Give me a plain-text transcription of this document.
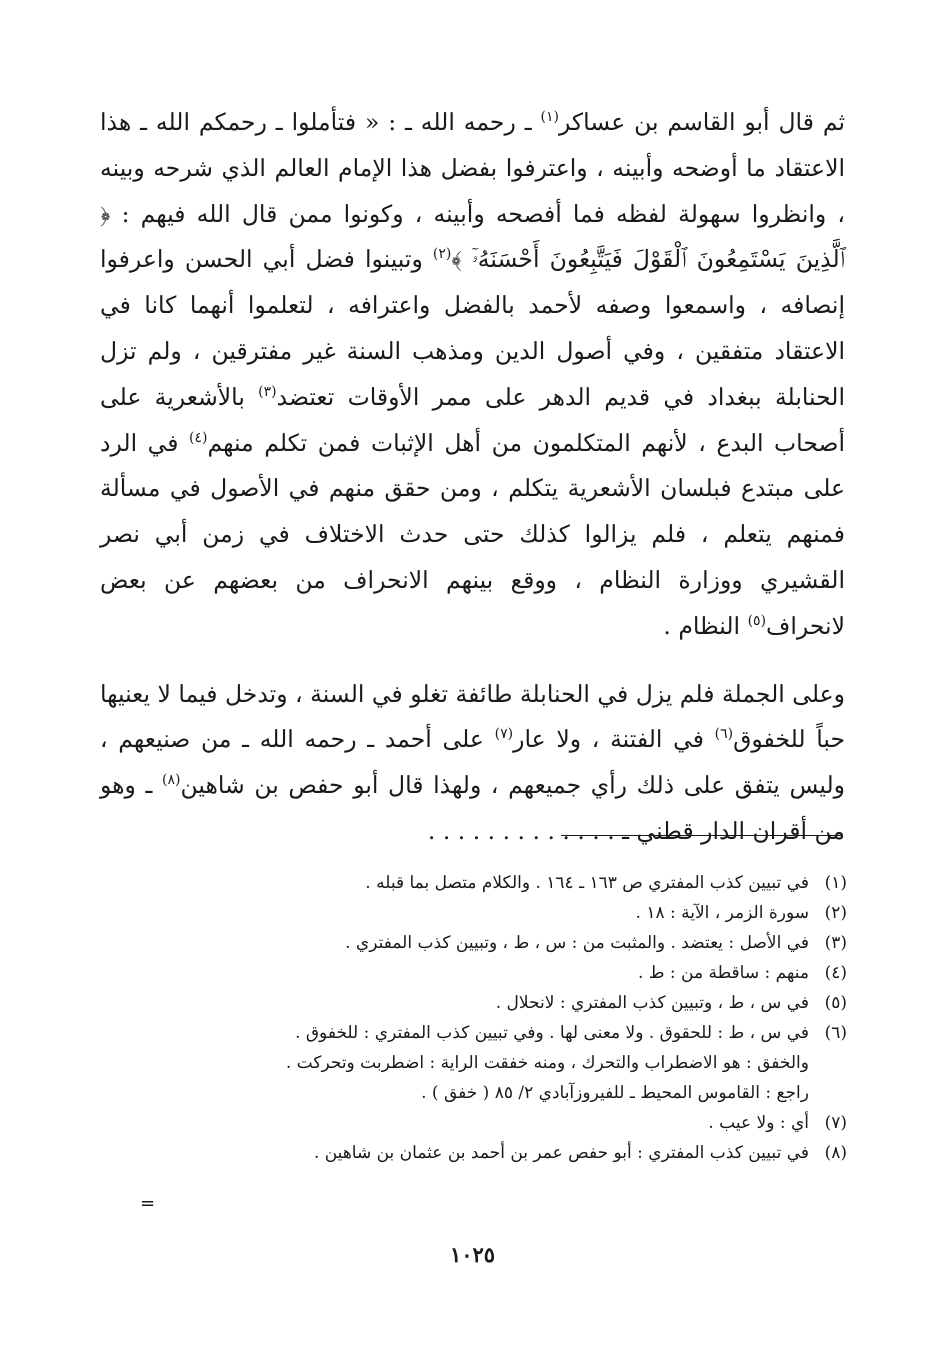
ثم قال أبو القاسم بن عساكر$^{(١)}$ ـ رحمه الله ـ : « فتأملوا ـ رحمكم الله ـ هذا الاعتقاد ما أوضحه وأبينه ، واعترفوا بفضل هذا الإمام العالم الذي شرحه وبينه ، وانظروا سهولة لفظه فما أفصحه وأبينه ، وكونوا ممن قال الله فيهم : ﴿ ٱلَّذِينَ يَسْتَمِعُونَ ٱلْقَوْلَ فَيَتَّبِعُونَ أَحْسَنَهُۥٓ ﴾$^{(٢)}$ وتبينوا فضل أبي الحسن واعرفوا إنصافه ، واسمعوا وصفه لأحمد بالفضل واعترافه ، لتعلموا أنهما كانا في الاعتقاد متفقين ، وفي أصول الدين ومذهب السنة غير مفترقين ، ولم تزل الحنابلة ببغداد في قديم الدهر على ممر الأوقات تعتضد$^{(٣)}$ بالأشعرية على أصحاب البدع ، لأنهم المتكلمون من أهل الإثبات فمن تكلم منهم$^{(٤)}$ في الرد على مبتدع فبلسان الأشعرية يتكلم ، ومن حقق منهم في الأصول في مسألة فمنهم يتعلم ، فلم يزالوا كذلك حتى حدث الاختلاف في زمن أبي نصر القشيري ووزارة النظام ، ووقع بينهم الانحراف من بعضهم عن بعض لانحراف$^{(٥)}$ النظام .

وعلى الجملة فلم يزل في الحنابلة طائفة تغلو في السنة ، وتدخل فيما لا يعنيها حباً للخفوق$^{(٦)}$ في الفتنة ، ولا عار$^{(٧)}$ على أحمد ـ رحمه الله ـ من صنيعهم ، وليس يتفق على ذلك رأي جميعهم ، ولهذا قال أبو حفص بن شاهين$^{(٨)}$ ـ وهو من أقران الدار قطني ـ . . . . . . . . . . . . .

(١)
في تبيين كذب المفتري ص ١٦٣ ـ ١٦٤ . والكلام متصل بما قبله .
(٢)
سورة الزمر ، الآية : ١٨ .
(٣)
في الأصل : يعتضد . والمثبت من : س ، ط ، وتبيين كذب المفتري .
(٤)
منهم : ساقطة من : ط .
(٥)
في س ، ط ، وتبيين كذب المفتري : لانحلال .
(٦)
في س ، ط : للحقوق . ولا معنى لها . وفي تبيين كذب المفتري : للخفوق .
والخفق : هو الاضطراب والتحرك ، ومنه خفقت الراية : اضطربت وتحركت .
راجع : القاموس المحيط ـ للفيروزآبادي ٢/ ٨٥ ( خفق ) .
(٧)
أي : ولا عيب .
(٨)
في تبيين كذب المفتري : أبو حفص عمر بن أحمد بن عثمان بن شاهين .
=
١٠٢٥
